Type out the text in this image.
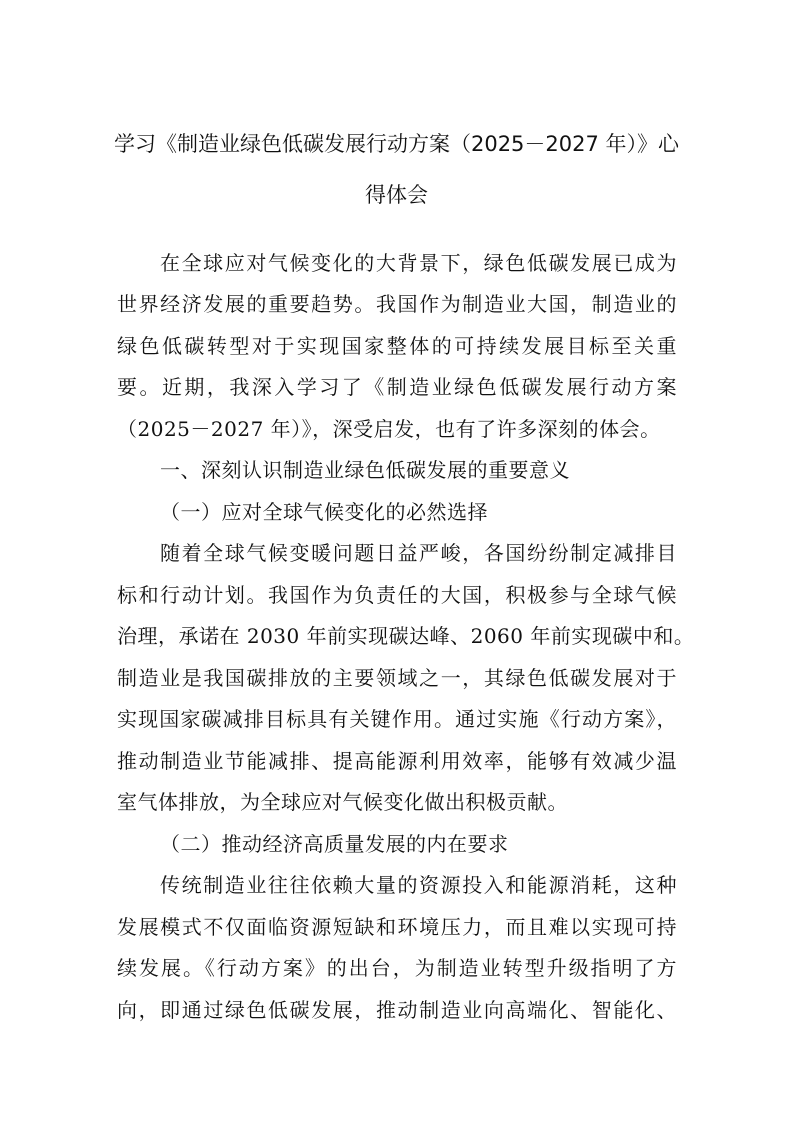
学习《制造业绿色低碳发展行动方案（2025－2027 年）》心
得体会
在全球应对气候变化的大背景下，绿色低碳发展已成为
世界经济发展的重要趋势。我国作为制造业大国，制造业的
绿色低碳转型对于实现国家整体的可持续发展目标至关重
要。近期，我深入学习了《制造业绿色低碳发展行动方案
（2025－2027 年）》，深受启发，也有了许多深刻的体会。
一、深刻认识制造业绿色低碳发展的重要意义
（一）应对全球气候变化的必然选择
随着全球气候变暖问题日益严峻，各国纷纷制定减排目
标和行动计划。我国作为负责任的大国，积极参与全球气候
治理，承诺在 2030 年前实现碳达峰、2060 年前实现碳中和。
制造业是我国碳排放的主要领域之一，其绿色低碳发展对于
实现国家碳减排目标具有关键作用。通过实施《行动方案》，
推动制造业节能减排、提高能源利用效率，能够有效减少温
室气体排放，为全球应对气候变化做出积极贡献。
（二）推动经济高质量发展的内在要求
传统制造业往往依赖大量的资源投入和能源消耗，这种
发展模式不仅面临资源短缺和环境压力，而且难以实现可持
续发展。《行动方案》的出台，为制造业转型升级指明了方
向，即通过绿色低碳发展，推动制造业向高端化、智能化、
